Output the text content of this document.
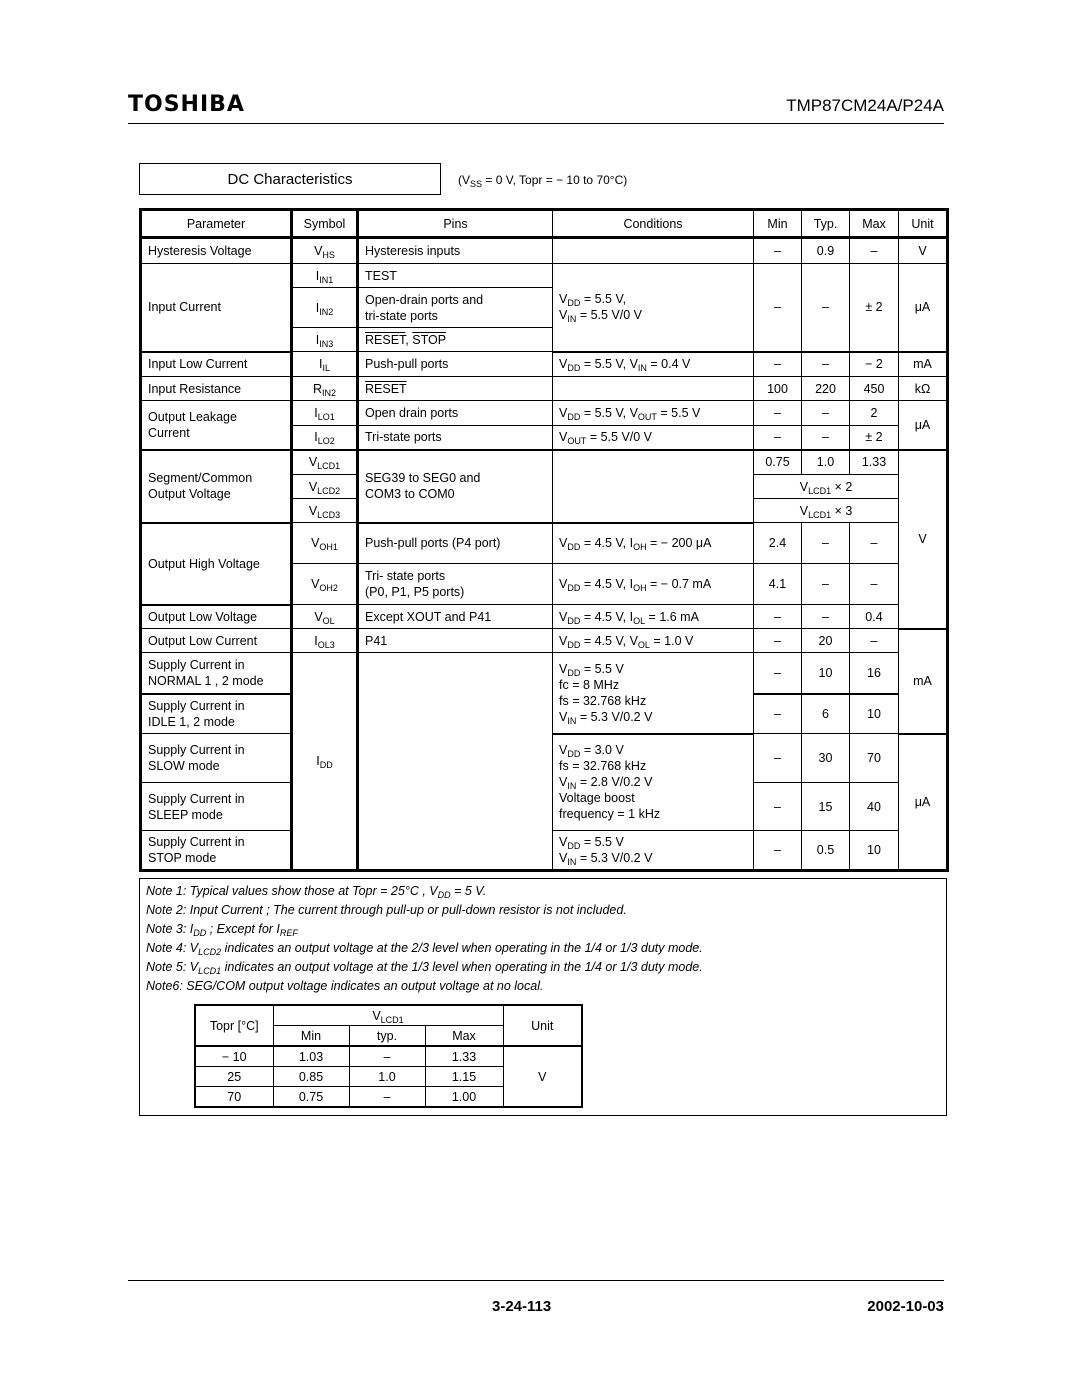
TOSHIBA	TMP87CM24A/P24A
DC Characteristics	($V_{SS} = 0$ V, Topr = − 10 to 70°C)
Parameter	Symbol	Pins	Conditions	Min	Typ.	Max	Unit
Hysteresis Voltage	$V_{HS}$	Hysteresis inputs		–	0.9	–	V
Input Current	$I_{IN1}$	TEST	$V_{DD} = 5.5$ V,
$V_{IN} = 5.5$ V/0 V	–	–	± 2	μA
	$I_{IN2}$	Open-drain ports and
tri-state ports					
	$I_{IN3}$	RESET, STOP					
Input Low Current	$I_{IL}$	Push-pull ports	$V_{DD} = 5.5$ V, $V_{IN} = 0.4$ V	–	–	− 2	mA
Input Resistance	$R_{IN2}$	RESET		100	220	450	kΩ
Output Leakage
Current	$I_{LO1}$	Open drain ports	$V_{DD} = 5.5$ V, $V_{OUT} = 5.5$ V	–	–	2	μA
	$I_{LO2}$	Tri-state ports	$V_{OUT} = 5.5$ V/0 V	–	–	± 2	
Segment/Common
Output Voltage	$V_{LCD1}$	SEG39 to SEG0 and
COM3 to COM0		0.75	1.0	1.33	V
	$V_{LCD2}$			$V_{LCD1} \times 2$			
	$V_{LCD3}$			$V_{LCD1} \times 3$			
Output High Voltage	$V_{OH1}$	Push-pull ports (P4 port)	$V_{DD} = 4.5$ V, $I_{OH}$ = − 200 μA	2.4	–	–	
	$V_{OH2}$	Tri- state ports
(P0, P1, P5 ports)	$V_{DD} = 4.5$ V, $I_{OH}$ = − 0.7 mA	4.1	–	–	
Output Low Voltage	$V_{OL}$	Except XOUT and P41	$V_{DD} = 4.5$ V, $I_{OL} = 1.6$ mA	–	–	0.4	
Output Low Current	$I_{OL3}$	P41	$V_{DD} = 4.5$ V, $V_{OL} = 1.0$ V	–	20	–	mA
Supply Current in
NORMAL 1 , 2 mode	$I_{DD}$		$V_{DD} = 5.5$ V
fc = 8 MHz
fs = 32.768 kHz
$V_{IN} = 5.3$ V/0.2 V	–	10	16	
Supply Current in
IDLE 1, 2 mode				–	6	10	
Supply Current in
SLOW mode			$V_{DD} = 3.0$ V
fs = 32.768 kHz
$V_{IN} = 2.8$ V/0.2 V
Voltage boost
frequency = 1 kHz	–	30	70	μA
Supply Current in
SLEEP mode				–	15	40	
Supply Current in
STOP mode			$V_{DD} = 5.5$ V
$V_{IN} = 5.3$ V/0.2 V	–	0.5	10	
Note 1: Typical values show those at Topr = 25°C , $V_{DD} = 5$ V.
Note 2: Input Current ; The current through pull-up or pull-down resistor is not included.
Note 3: $I_{DD}$ ; Except for $I_{REF}$
Note 4: $V_{LCD2}$ indicates an output voltage at the 2/3 level when operating in the 1/4 or 1/3 duty mode.
Note 5: $V_{LCD1}$ indicates an output voltage at the 1/3 level when operating in the 1/4 or 1/3 duty mode.
Note6: SEG/COM output voltage indicates an output voltage at no local.
Topr [°C]	$V_{LCD1}$			Unit
	Min	typ.	Max	
− 10	1.03	–	1.33	V
25	0.85	1.0	1.15	
70	0.75	–	1.00	
3-24-113	2002-10-03
